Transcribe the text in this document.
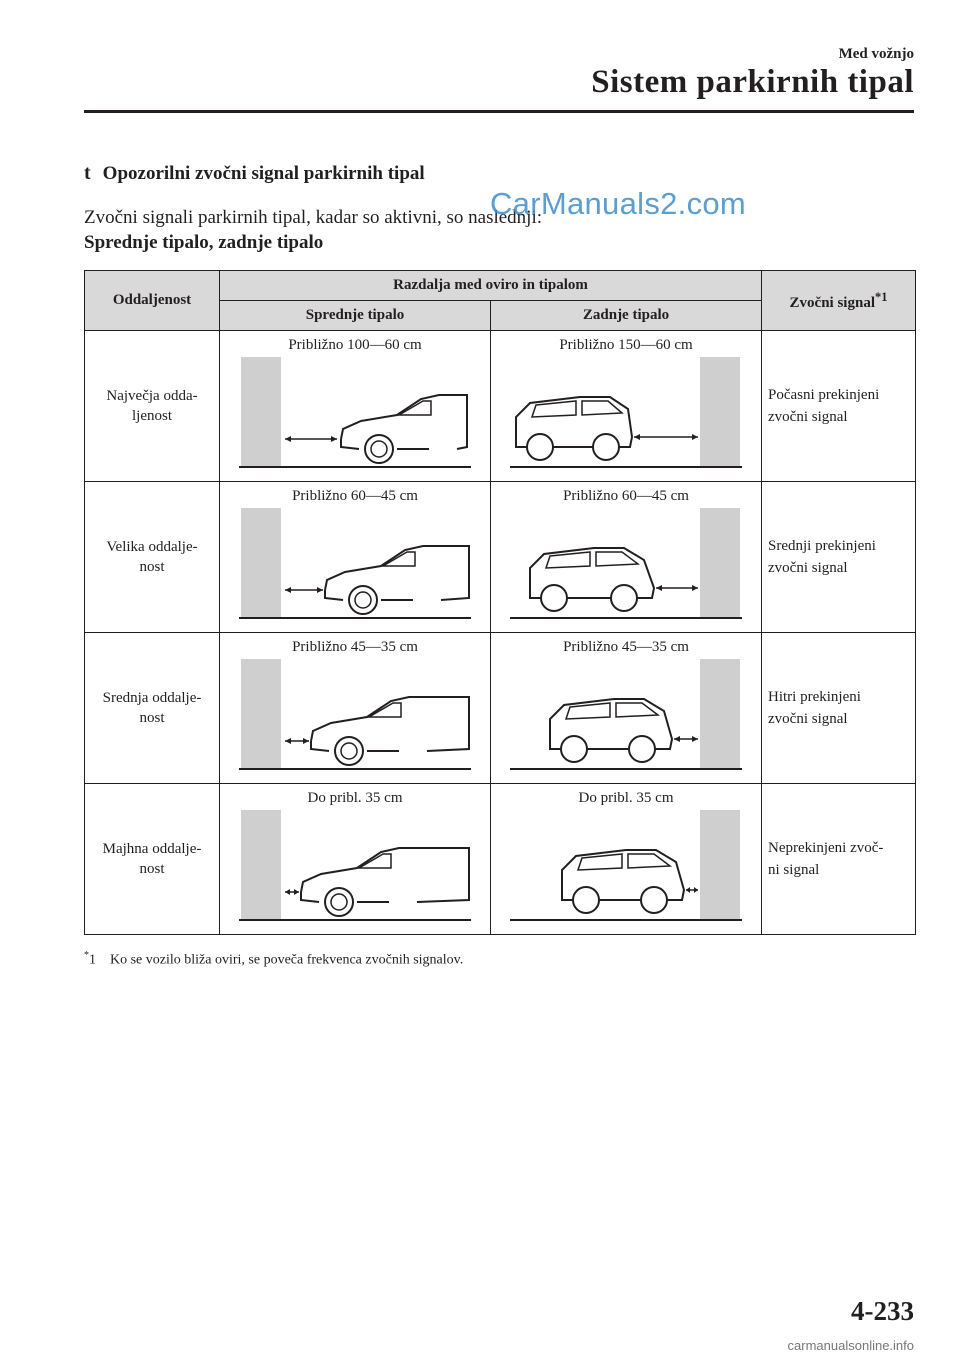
Med vožnjo
Sistem parkirnih tipal
t Opozorilni zvočni signal parkirnih tipal
Zvočni signali parkirnih tipal, kadar so aktivni, so naslednji:
CarManuals2.com
Sprednje tipalo, zadnje tipalo
Oddaljenost	Razdalja med oviro in tipalom		Zvočni signal$^{*1}$
	Sprednje tipalo	Zadnje tipalo	
Največja odda-
ljenost	Približno 100—60 cm	Približno 150—60 cm	Počasni prekinjeni
zvočni signal
Velika oddalje-
nost	Približno 60—45 cm	Približno 60—45 cm	Srednji prekinjeni
zvočni signal
Srednja oddalje-
nost	Približno 45—35 cm	Približno 45—35 cm	Hitri prekinjeni
zvočni signal
Majhna oddalje-
nost	Do pribl. 35 cm	Do pribl. 35 cm	Neprekinjeni zvoč-
ni signal
*1 Ko se vozilo bliža oviri, se poveča frekvenca zvočnih signalov.
4-233
carmanualsonline.info
